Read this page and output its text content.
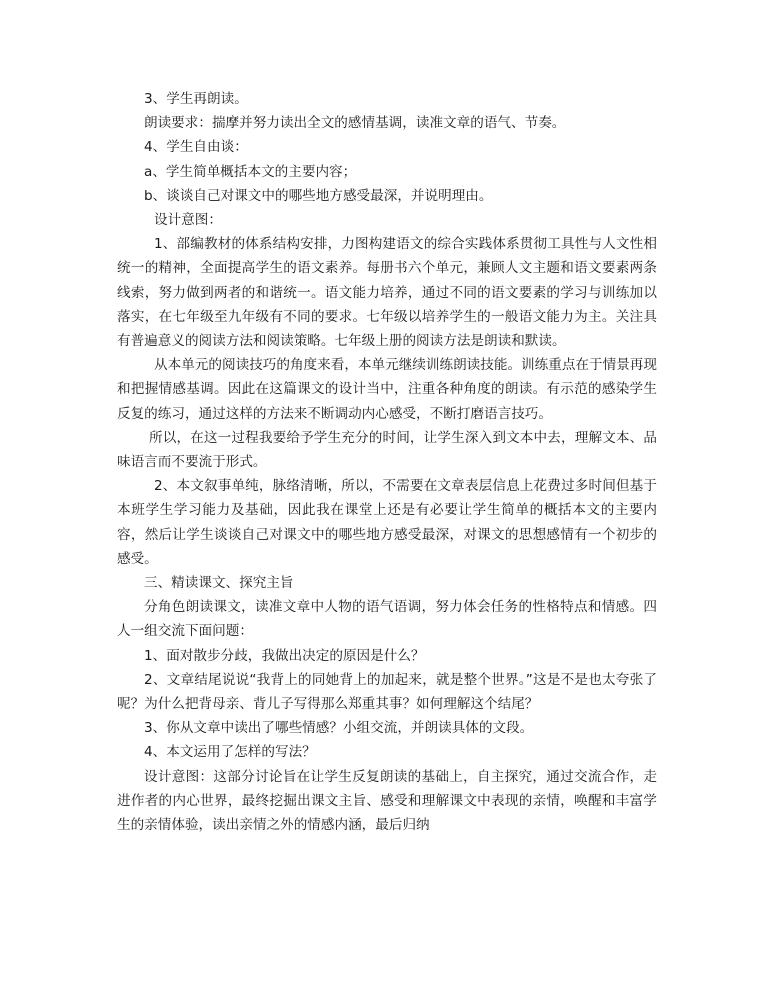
3、学生再朗读。

朗读要求：揣摩并努力读出全文的感情基调，读准文章的语气、节奏。

4、学生自由谈：

a、学生简单概括本文的主要内容；

b、谈谈自己对课文中的哪些地方感受最深，并说明理由。

设计意图：

1、部编教材的体系结构安排，力图构建语文的综合实践体系贯彻工具性与人文性相统一的精神，全面提高学生的语文素养。每册书六个单元，兼顾人文主题和语文要素两条线索，努力做到两者的和谐统一。语文能力培养，通过不同的语文要素的学习与训练加以落实，在七年级至九年级有不同的要求。七年级以培养学生的一般语文能力为主。关注具有普遍意义的阅读方法和阅读策略。七年级上册的阅读方法是朗读和默读。

从本单元的阅读技巧的角度来看，本单元继续训练朗读技能。训练重点在于情景再现和把握情感基调。因此在这篇课文的设计当中，注重各种角度的朗读。有示范的感染学生反复的练习，通过这样的方法来不断调动内心感受，不断打磨语言技巧。

所以，在这一过程我要给予学生充分的时间，让学生深入到文本中去，理解文本、品味语言而不要流于形式。

2、本文叙事单纯，脉络清晰，所以，不需要在文章表层信息上花费过多时间但基于本班学生学习能力及基础，因此我在课堂上还是有必要让学生简单的概括本文的主要内容，然后让学生谈谈自己对课文中的哪些地方感受最深，对课文的思想感情有一个初步的感受。

三、精读课文、探究主旨

分角色朗读课文，读准文章中人物的语气语调，努力体会任务的性格特点和情感。四人一组交流下面问题：

1、面对散步分歧，我做出决定的原因是什么？

2、文章结尾说说“我背上的同她背上的加起来，就是整个世界。”这是不是也太夸张了呢？为什么把背母亲、背儿子写得那么郑重其事？如何理解这个结尾？

3、你从文章中读出了哪些情感？小组交流，并朗读具体的文段。

4、本文运用了怎样的写法？

设计意图：这部分讨论旨在让学生反复朗读的基础上，自主探究，通过交流合作，走进作者的内心世界，最终挖掘出课文主旨、感受和理解课文中表现的亲情，唤醒和丰富学生的亲情体验，读出亲情之外的情感内涵，最后归纳
